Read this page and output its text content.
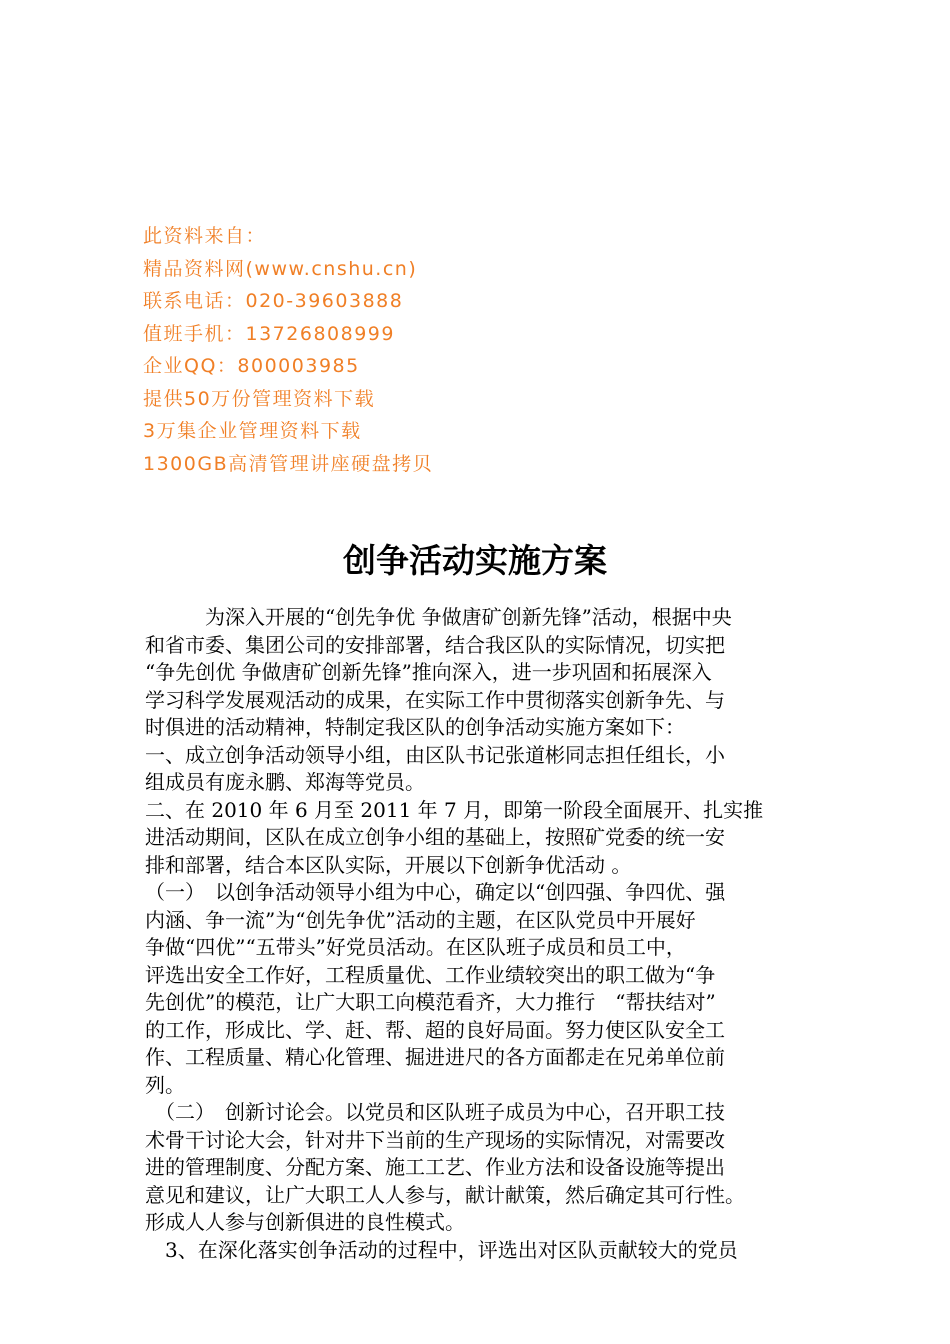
此资料来自：
精品资料网(www.cnshu.cn)
联系电话：020-39603888
值班手机：13726808999
企业QQ：800003985
提供50万份管理资料下载
3万集企业管理资料下载
1300GB高清管理讲座硬盘拷贝
创争活动实施方案

　　　为深入开展的“创先争优 争做唐矿创新先锋”活动，根据中央

和省市委、集团公司的安排部署，结合我区队的实际情况，切实把

“争先创优 争做唐矿创新先锋”推向深入，进一步巩固和拓展深入

学习科学发展观活动的成果，在实际工作中贯彻落实创新争先、与

时俱进的活动精神，特制定我区队的创争活动实施方案如下：

一、成立创争活动领导小组，由区队书记张道彬同志担任组长，小

组成员有庞永鹏、郑海等党员。

二、在 2010 年 6 月至 2011 年 7 月，即第一阶段全面展开、扎实推

进活动期间，区队在成立创争小组的基础上，按照矿党委的统一安

排和部署，结合本区队实际，开展以下创新争优活动 。

（一）　以创争活动领导小组为中心，确定以“创四强、争四优、强

内涵、争一流”为“创先争优”活动的主题，在区队党员中开展好

争做“四优”“五带头”好党员活动。在区队班子成员和员工中，

评选出安全工作好，工程质量优、工作业绩较突出的职工做为“争

先创优”的模范，让广大职工向模范看齐，大力推行　“帮扶结对”

的工作，形成比、学、赶、帮、超的良好局面。努力使区队安全工

作、工程质量、精心化管理、掘进进尺的各方面都走在兄弟单位前

列。

　（二）　创新讨论会。以党员和区队班子成员为中心，召开职工技

术骨干讨论大会，针对井下当前的生产现场的实际情况，对需要改

进的管理制度、分配方案、施工工艺、作业方法和设备设施等提出

意见和建议，让广大职工人人参与，献计献策，然后确定其可行性。

形成人人参与创新俱进的良性模式。

　3、在深化落实创争活动的过程中，评选出对区队贡献较大的党员
